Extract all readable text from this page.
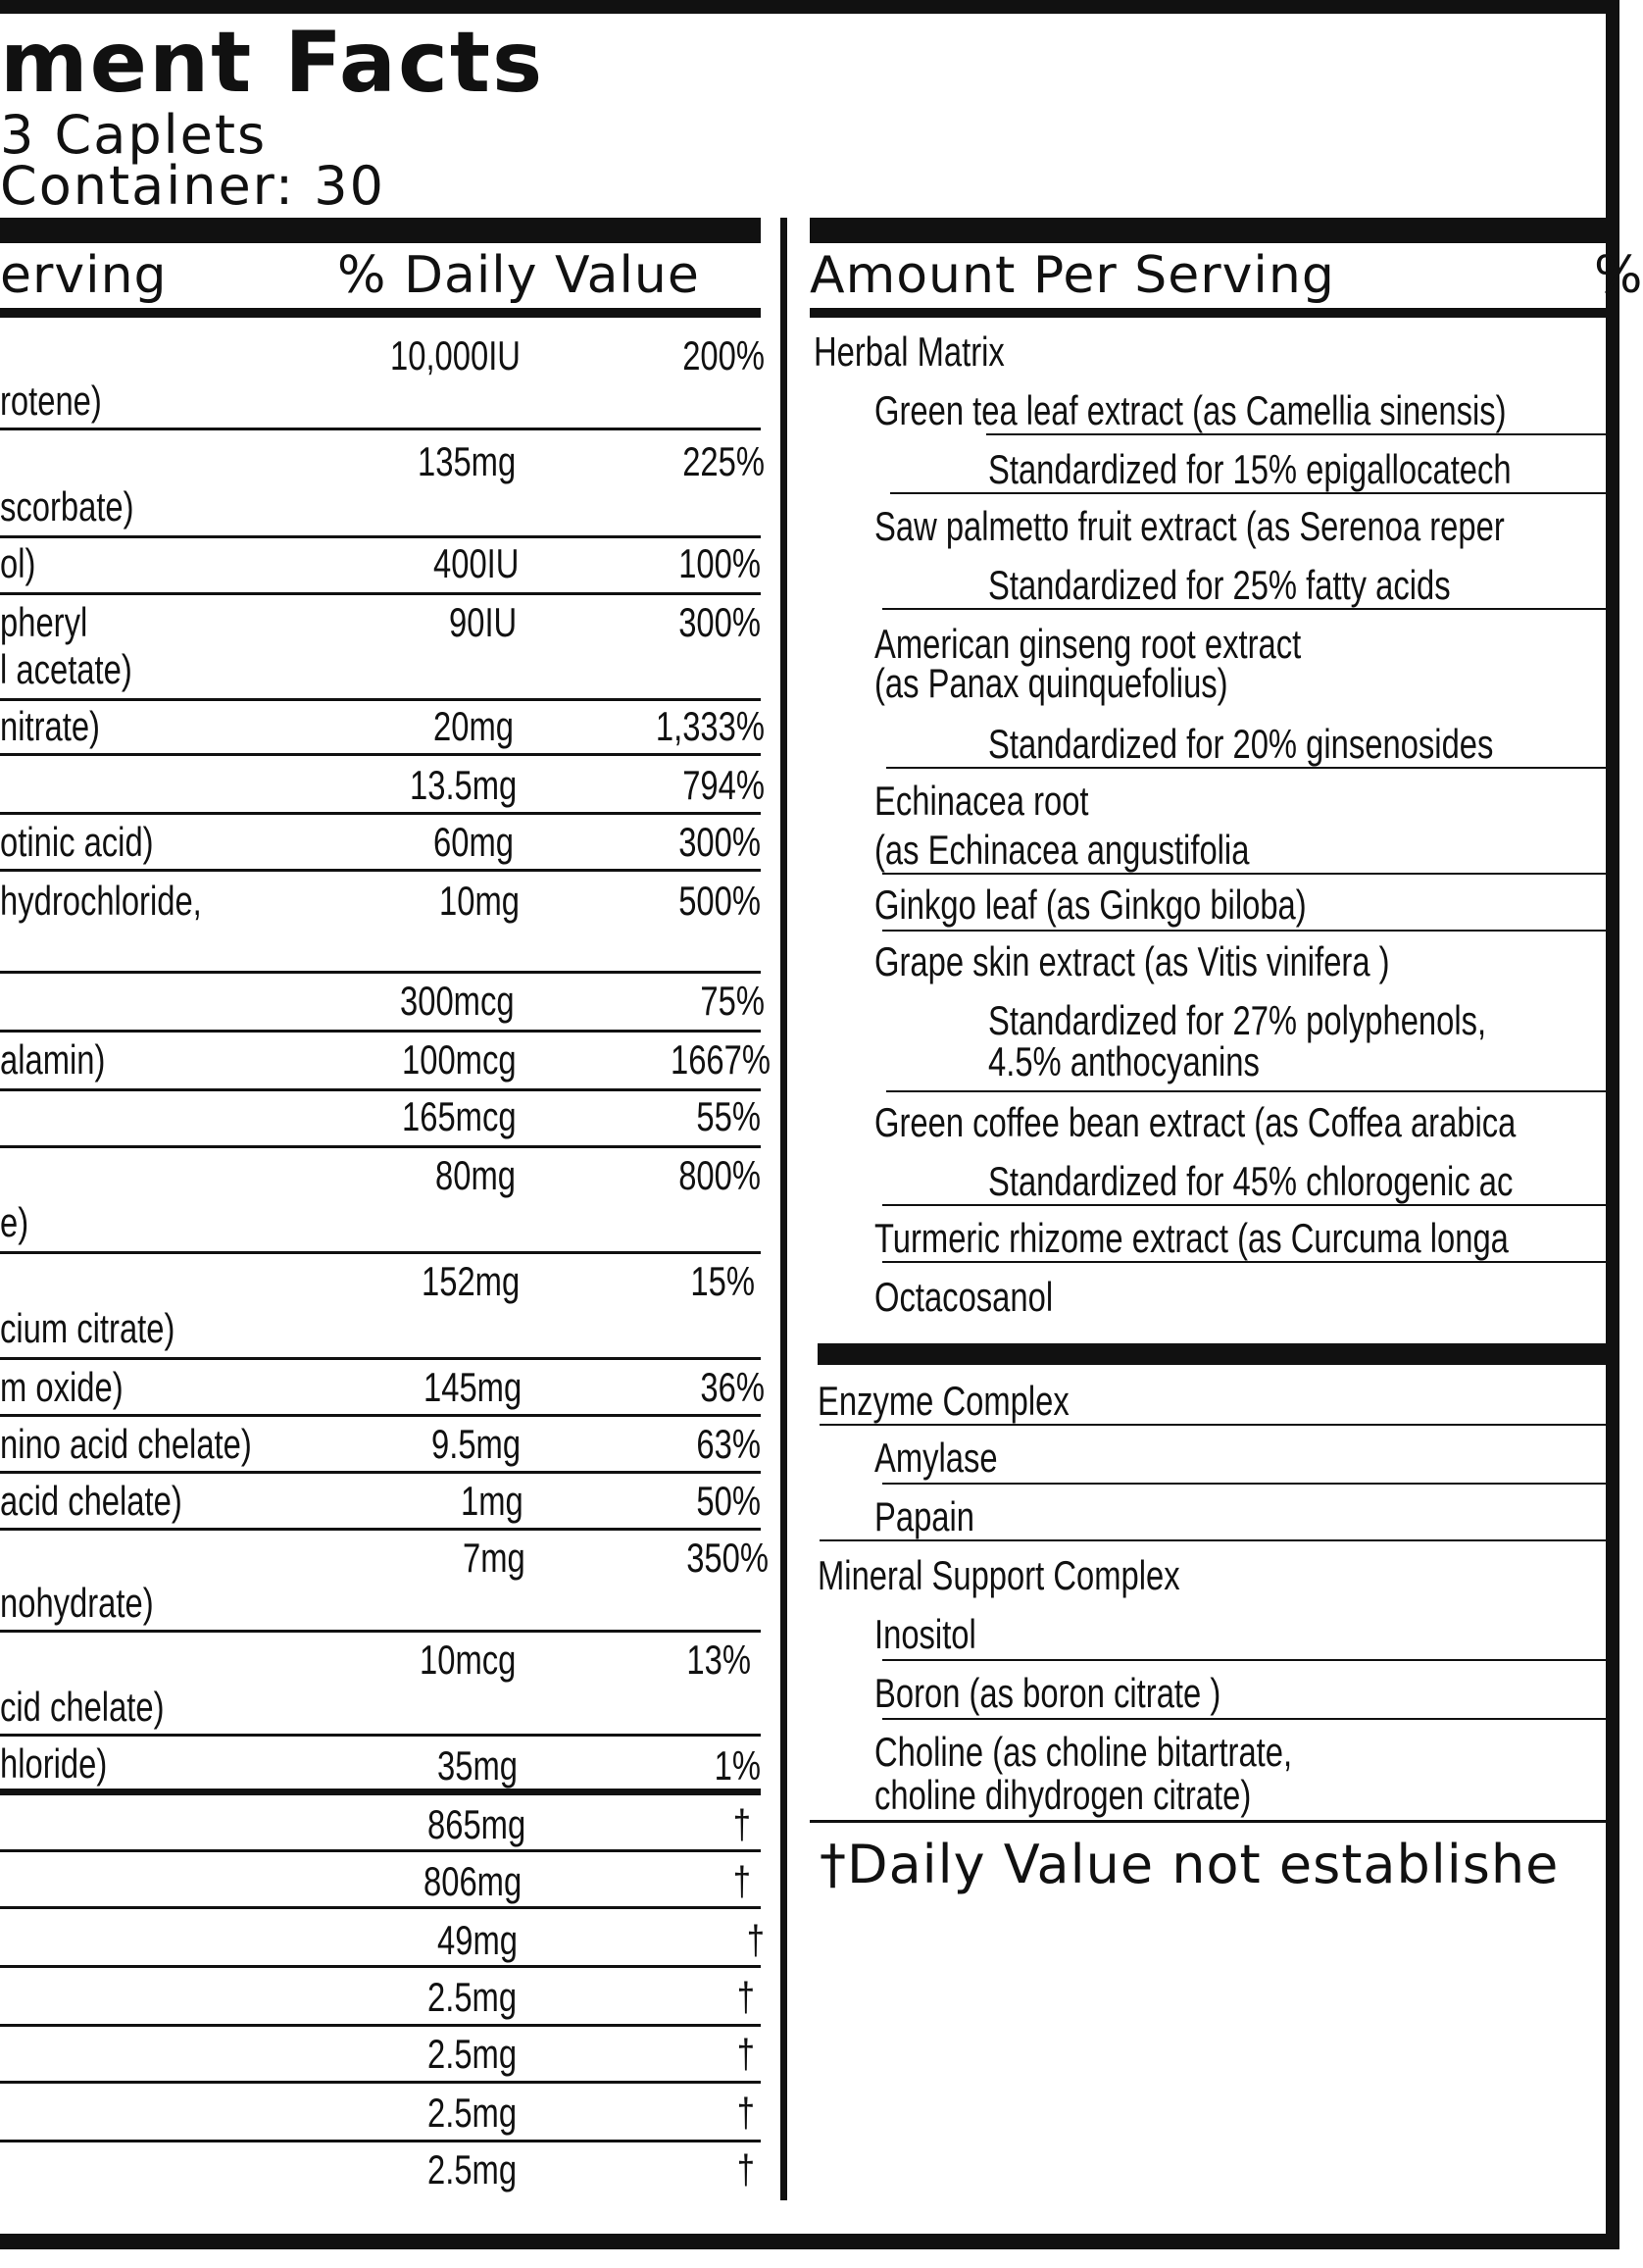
ment Facts
3 Caplets
Container: 30
erving	% Daily Value
10,000IU	200%
rotene)
135mg	225%
scorbate)
ol)	400IU	100%
pheryl	90IU	300%
l acetate)
nitrate)	20mg	1,333%
13.5mg	794%
otinic acid)	60mg	300%
hydrochloride,	10mg	500%
300mcg	75%
alamin)	100mcg	1667%
165mcg	55%
80mg	800%
e)
152mg	15%
cium citrate)
m oxide)	145mg	36%
nino acid chelate)	9.5mg	63%
acid chelate)	1mg	50%
7mg	350%
nohydrate)
10mcg	13%
cid chelate)
hloride)	35mg	1%
865mg	†
806mg	†
49mg	†
2.5mg	†
2.5mg	†
2.5mg	†
2.5mg	†
Amount Per Serving	%
Herbal Matrix
Green tea leaf extract (as Camellia sinensis)
Standardized for 15% epigallocatech
Saw palmetto fruit extract (as Serenoa reper
Standardized for 25% fatty acids
American ginseng root extract
(as Panax quinquefolius)
Standardized for 20% ginsenosides
Echinacea root
(as Echinacea angustifolia
Ginkgo leaf (as Ginkgo biloba)
Grape skin extract (as Vitis vinifera )
Standardized for 27% polyphenols,
4.5% anthocyanins
Green coffee bean extract (as Coffea arabica
Standardized for 45% chlorogenic ac
Turmeric rhizome extract (as Curcuma longa
Octacosanol
Enzyme Complex
Amylase
Papain
Mineral Support Complex
Inositol
Boron (as boron citrate )
Choline (as choline bitartrate,
choline dihydrogen citrate)
†Daily Value not establishe
